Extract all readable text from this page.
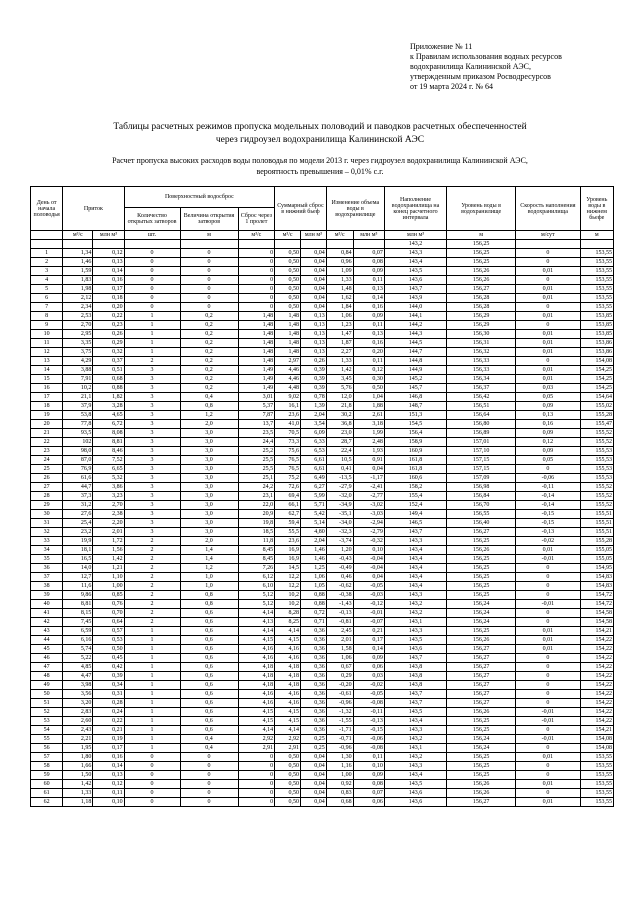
Приложение № 11
к Правилам использования водных ресурсов
водохранилища Калининской АЭС,
утвержденным приказом Росводресурсов
от 19 марта 2024 г. № 64
Таблицы расчетных режимов пропуска модельных половодий и паводков расчетных обеспеченностей
через гидроузел водохранилища Калининской АЭС
Расчет пропуска высоких расходов воды половодья по модели 2013 г. через гидроузел водохранилища Калининской АЭС,
вероятность превышения – 0,01% с.г.
День от начала половодья	Приток		Поверхностный водосброс			Суммарный сброс в нижний бьеф		Изменение объема воды в водохранилище		Наполнение водохранилища на конец расчетного интервала	Уровень воды в водохранилище	Скорость наполнения водохранилища	Уровень воды в нижнем бьефе
			Количество открытых затворов	Величина открытия затворов	Сброс через 1 пролет								
	м³/с	млн м³	шт.	м	м³/с	м³/с	млн м³	м³/с	млн м³	млн м³	м	м/сут	м
										143,2	156,25		
1	1,34	0,12	0	0	0	0,50	0,04	0,84	0,07	143,3	156,25	0	153,55
2	1,46	0,13	0	0	0	0,50	0,04	0,96	0,08	143,4	156,25	0	153,55
3	1,59	0,14	0	0	0	0,50	0,04	1,09	0,09	143,5	156,26	0,01	153,55
4	1,83	0,16	0	0	0	0,50	0,04	1,33	0,11	143,6	156,26	0	153,55
5	1,98	0,17	0	0	0	0,50	0,04	1,48	0,13	143,7	156,27	0,01	153,55
6	2,12	0,18	0	0	0	0,50	0,04	1,62	0,14	143,9	156,28	0,01	153,55
7	2,34	0,20	0	0	0	0,50	0,04	1,84	0,16	144,0	156,28	0	153,55
8	2,53	0,22	1	0,2	1,48	1,48	0,13	1,06	0,09	144,1	156,29	0,01	153,85
9	2,70	0,23	1	0,2	1,48	1,48	0,13	1,23	0,11	144,2	156,29	0	153,85
10	2,95	0,26	1	0,2	1,48	1,48	0,13	1,47	0,13	144,3	156,30	0,01	153,85
11	3,35	0,29	1	0,2	1,48	1,48	0,13	1,87	0,16	144,5	156,31	0,01	153,86
12	3,75	0,32	1	0,2	1,48	1,48	0,13	2,27	0,20	144,7	156,32	0,01	153,86
13	4,29	0,37	2	0,2	1,48	2,97	0,26	1,33	0,11	144,8	156,33	0	154,08
14	3,88	0,51	3	0,2	1,49	4,46	0,39	1,42	0,12	144,9	156,33	0,01	154,25
15	7,91	0,68	3	0,2	1,49	4,46	0,39	3,45	0,30	145,2	156,34	0,01	154,25
16	10,2	0,88	3	0,2	1,49	4,48	0,39	5,76	0,50	145,7	156,37	0,03	154,25
17	21,1	1,82	3	0,4	3,01	9,02	0,78	12,0	1,04	146,8	156,42	0,05	154,64
18	37,9	3,28	3	0,8	5,37	16,1	1,39	21,8	1,88	148,7	156,51	0,09	155,02
19	53,8	4,65	3	1,2	7,87	23,6	2,04	30,2	2,61	151,3	156,64	0,13	155,28
20	77,8	6,72	3	2,0	13,7	41,0	3,54	36,8	3,18	154,5	156,80	0,16	155,47
21	93,5	8,08	3	3,0	23,5	70,5	6,09	23,0	1,99	156,4	156,89	0,09	155,52
22	102	8,81	3	3,0	24,4	73,3	6,33	28,7	2,48	158,9	157,01	0,12	155,52
23	98,0	8,46	3	3,0	25,2	75,6	6,53	22,4	1,93	160,9	157,10	0,09	155,53
24	87,0	7,52	3	3,0	25,5	76,5	6,61	10,5	0,91	161,8	157,15	0,05	155,53
25	76,9	6,65	3	3,0	25,5	76,5	6,61	0,41	0,04	161,8	157,15	0	155,53
26	61,6	5,32	3	3,0	25,1	75,2	6,49	-13,5	-1,17	160,6	157,09	-0,06	155,53
27	44,7	3,86	3	3,0	24,2	72,6	6,27	-27,9	-2,41	158,2	156,98	-0,11	155,52
28	37,3	3,23	3	3,0	23,1	69,4	5,99	-32,0	-2,77	155,4	156,84	-0,14	155,52
29	31,2	2,70	3	3,0	22,0	66,1	5,71	-34,9	-3,02	152,4	156,70	-0,14	155,52
30	27,6	2,38	3	3,0	20,9	62,7	5,42	-35,1	-3,03	149,4	156,55	-0,15	155,51
31	25,4	2,20	3	3,0	19,8	59,4	5,14	-34,0	-2,94	146,5	156,40	-0,15	155,51
32	23,2	2,01	3	3,0	18,5	55,5	4,80	-32,3	-2,79	143,7	156,27	-0,13	155,51
33	19,9	1,72	2	2,0	11,8	23,6	2,04	-3,74	-0,32	143,3	156,25	-0,02	155,28
34	18,1	1,56	2	1,4	8,45	16,9	1,46	1,20	0,10	143,4	156,26	0,01	155,05
35	16,5	1,42	2	1,4	8,45	16,9	1,46	-0,43	-0,04	143,4	156,25	-0,01	155,05
36	14,0	1,21	2	1,2	7,26	14,5	1,25	-0,49	-0,04	143,4	156,25	0	154,95
37	12,7	1,10	2	1,0	6,12	12,2	1,06	0,46	0,04	143,4	156,25	0	154,83
38	11,6	1,00	2	1,0	6,10	12,2	1,05	-0,62	-0,05	143,4	156,25	0	154,83
39	9,86	0,85	2	0,8	5,12	10,2	0,88	-0,38	-0,03	143,3	156,25	0	154,72
40	8,81	0,76	2	0,8	5,12	10,2	0,88	-1,43	-0,12	143,2	156,24	-0,01	154,72
41	8,15	0,70	2	0,6	4,14	8,28	0,72	-0,13	-0,01	143,2	156,24	0	154,58
42	7,45	0,64	2	0,6	4,13	8,25	0,71	-0,81	-0,07	143,1	156,24	0	154,58
43	6,59	0,57	1	0,6	4,14	4,14	0,36	2,45	0,21	143,3	156,25	0,01	154,21
44	6,16	0,53	1	0,6	4,15	4,15	0,36	2,01	0,17	143,5	156,26	0,01	154,22
45	5,74	0,50	1	0,6	4,16	4,16	0,36	1,58	0,14	143,6	156,27	0,01	154,22
46	5,22	0,45	1	0,6	4,16	4,16	0,36	1,06	0,09	143,7	156,27	0	154,22
47	4,85	0,42	1	0,6	4,18	4,18	0,36	0,67	0,06	143,8	156,27	0	154,22
48	4,47	0,39	1	0,6	4,18	4,18	0,36	0,29	0,03	143,8	156,27	0	154,22
49	3,98	0,34	1	0,6	4,18	4,18	0,36	-0,20	-0,02	143,8	156,27	0	154,22
50	3,56	0,31	1	0,6	4,16	4,16	0,36	-0,61	-0,05	143,7	156,27	0	154,22
51	3,20	0,28	1	0,6	4,16	4,16	0,36	-0,96	-0,08	143,7	156,27	0	154,22
52	2,83	0,24	1	0,6	4,15	4,15	0,36	-1,32	-0,11	143,5	156,26	-0,01	154,22
53	2,60	0,22	1	0,6	4,15	4,15	0,36	-1,55	-0,13	143,4	156,25	-0,01	154,22
54	2,43	0,21	1	0,6	4,14	4,14	0,36	-1,71	-0,15	143,3	156,25	0	154,21
55	2,21	0,19	1	0,4	2,92	2,92	0,25	-0,71	-0,06	143,2	156,24	-0,01	154,08
56	1,95	0,17	1	0,4	2,91	2,91	0,25	-0,96	-0,08	143,1	156,24	0	154,08
57	1,80	0,16	0	0	0	0,50	0,04	1,30	0,11	143,2	156,25	0,01	153,55
58	1,66	0,14	0	0	0	0,50	0,04	1,16	0,10	143,3	156,25	0	153,55
59	1,50	0,13	0	0	0	0,50	0,04	1,00	0,09	143,4	156,25	0	153,55
60	1,42	0,12	0	0	0	0,50	0,04	0,92	0,08	143,5	156,26	0,01	153,55
61	1,33	0,11	0	0	0	0,50	0,04	0,83	0,07	143,6	156,26	0	153,55
62	1,18	0,10	0	0	0	0,50	0,04	0,68	0,06	143,6	156,27	0,01	153,55
